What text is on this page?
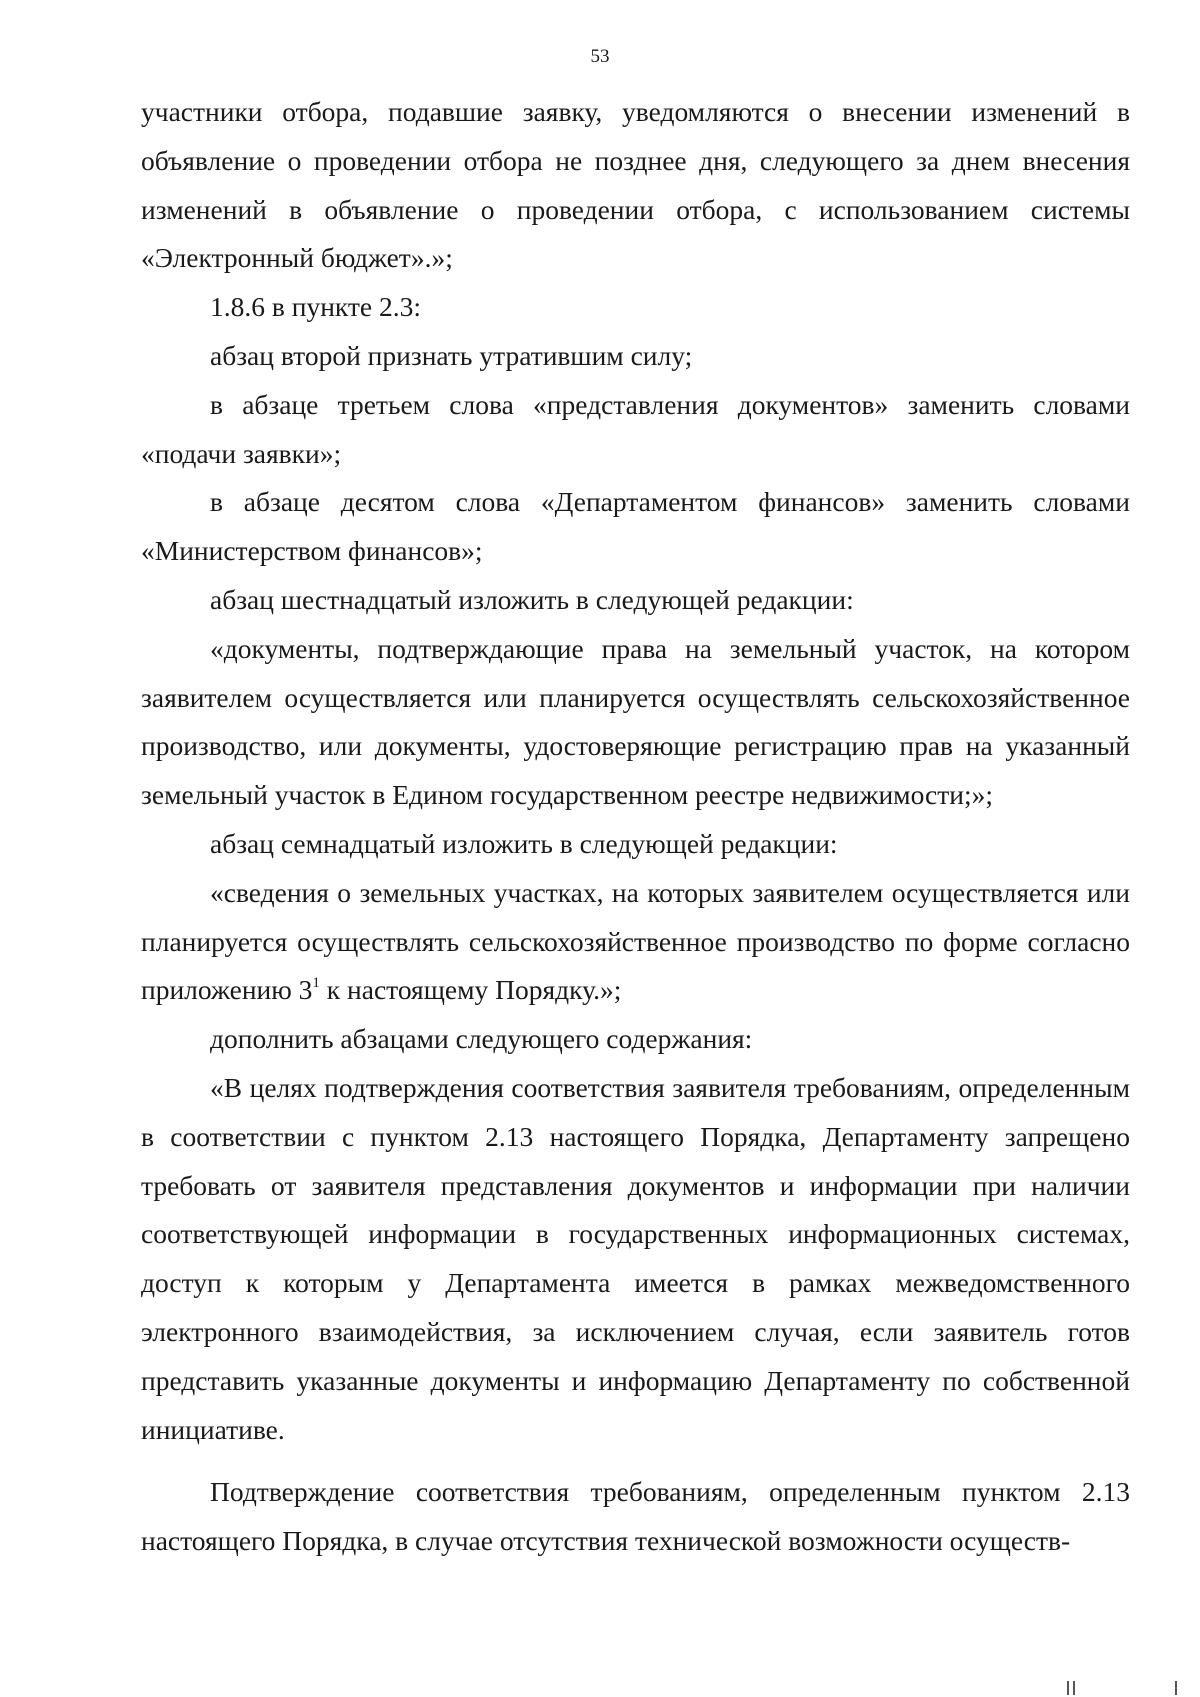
53

участники отбора, подавшие заявку, уведомляются о внесении изменений в объявление о проведении отбора не позднее дня, следующего за днем внесения изменений в объявление о проведении отбора, с использованием системы «Электронный бюджет».»;

1.8.6 в пункте 2.3:

абзац второй признать утратившим силу;

в абзаце третьем слова «представления документов» заменить словами «подачи заявки»;

в абзаце десятом слова «Департаментом финансов» заменить словами «Министерством финансов»;

абзац шестнадцатый изложить в следующей редакции:

«документы, подтверждающие права на земельный участок, на котором заявителем осуществляется или планируется осуществлять сельскохозяйственное производство, или документы, удостоверяющие регистрацию прав на указанный земельный участок в Едином государственном реестре недвижимости;»;

абзац семнадцатый изложить в следующей редакции:

«сведения о земельных участках, на которых заявителем осуществляется или планируется осуществлять сельскохозяйственное производство по форме согласно приложению $3^1$ к настоящему Порядку.»;

дополнить абзацами следующего содержания:

«В целях подтверждения соответствия заявителя требованиям, определенным в соответствии с пунктом 2.13 настоящего Порядка, Департаменту запрещено требовать от заявителя представления документов и информации при наличии соответствующей информации в государственных информационных системах, доступ к которым у Департамента имеется в рамках межведомственного электронного взаимодействия, за исключением случая, если заявитель готов представить указанные документы и информацию Департаменту по собственной инициативе.

Подтверждение соответствия требованиям, определенным пунктом 2.13 настоящего Порядка, в случае отсутствия технической возможности осуществ-
